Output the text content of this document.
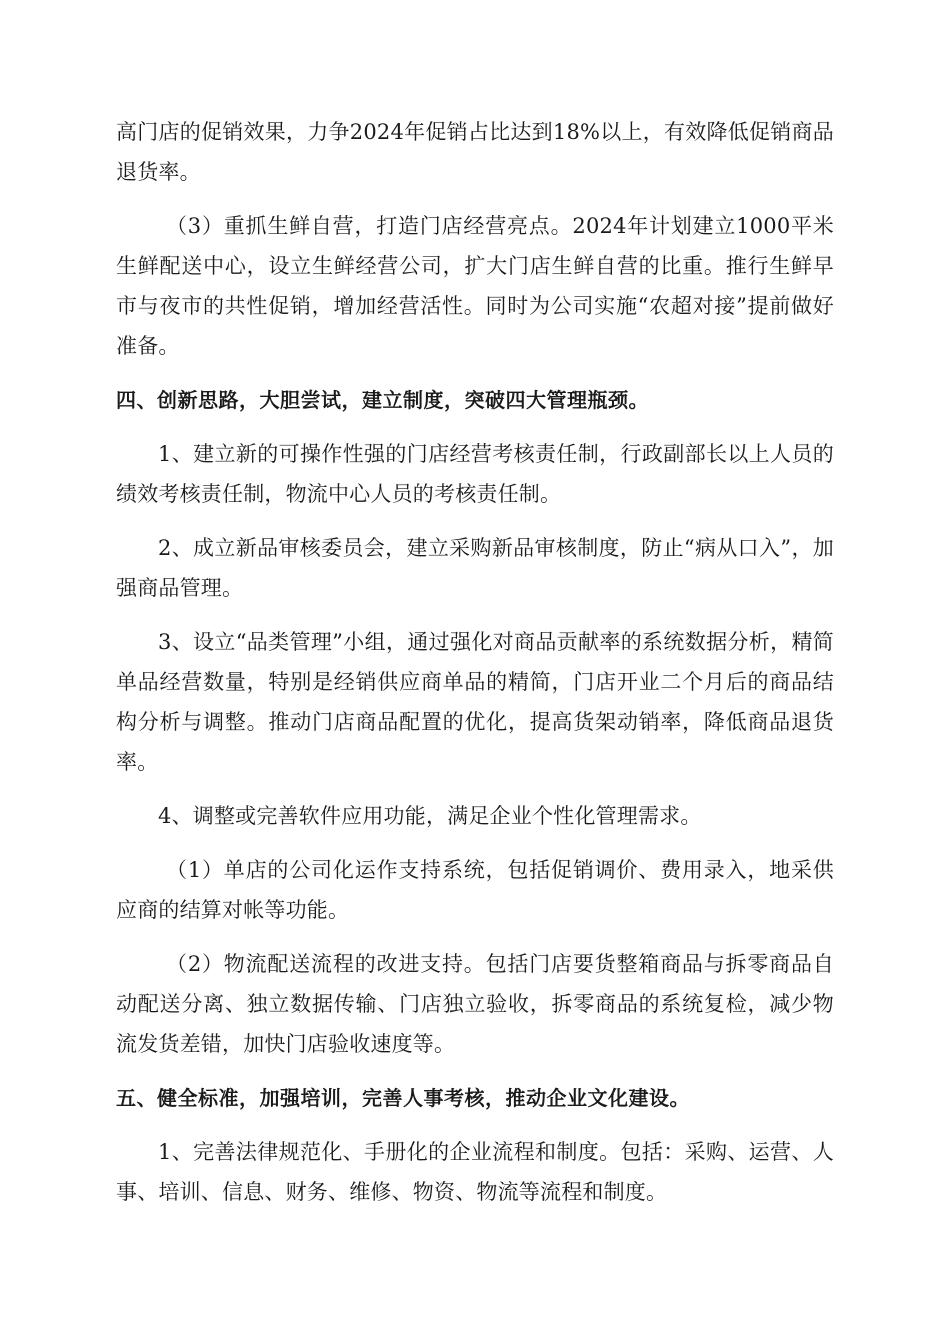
高门店的促销效果，力争2024年促销占比达到18%以上，有效降低促销商品退货率。

（3）重抓生鲜自营，打造门店经营亮点。2024年计划建立1000平米生鲜配送中心，设立生鲜经营公司，扩大门店生鲜自营的比重。推行生鲜早市与夜市的共性促销，增加经营活性。同时为公司实施“农超对接”提前做好准备。

四、创新思路，大胆尝试，建立制度，突破四大管理瓶颈。

1、建立新的可操作性强的门店经营考核责任制，行政副部长以上人员的绩效考核责任制，物流中心人员的考核责任制。

2、成立新品审核委员会，建立采购新品审核制度，防止“病从口入”，加强商品管理。

3、设立“品类管理”小组，通过强化对商品贡献率的系统数据分析，精简单品经营数量，特别是经销供应商单品的精简，门店开业二个月后的商品结构分析与调整。推动门店商品配置的优化，提高货架动销率，降低商品退货率。

4、调整或完善软件应用功能，满足企业个性化管理需求。

（1）单店的公司化运作支持系统，包括促销调价、费用录入，地采供应商的结算对帐等功能。

（2）物流配送流程的改进支持。包括门店要货整箱商品与拆零商品自动配送分离、独立数据传输、门店独立验收，拆零商品的系统复检，减少物流发货差错，加快门店验收速度等。

五、健全标准，加强培训，完善人事考核，推动企业文化建设。

1、完善法律规范化、手册化的企业流程和制度。包括：采购、运营、人事、培训、信息、财务、维修、物资、物流等流程和制度。
